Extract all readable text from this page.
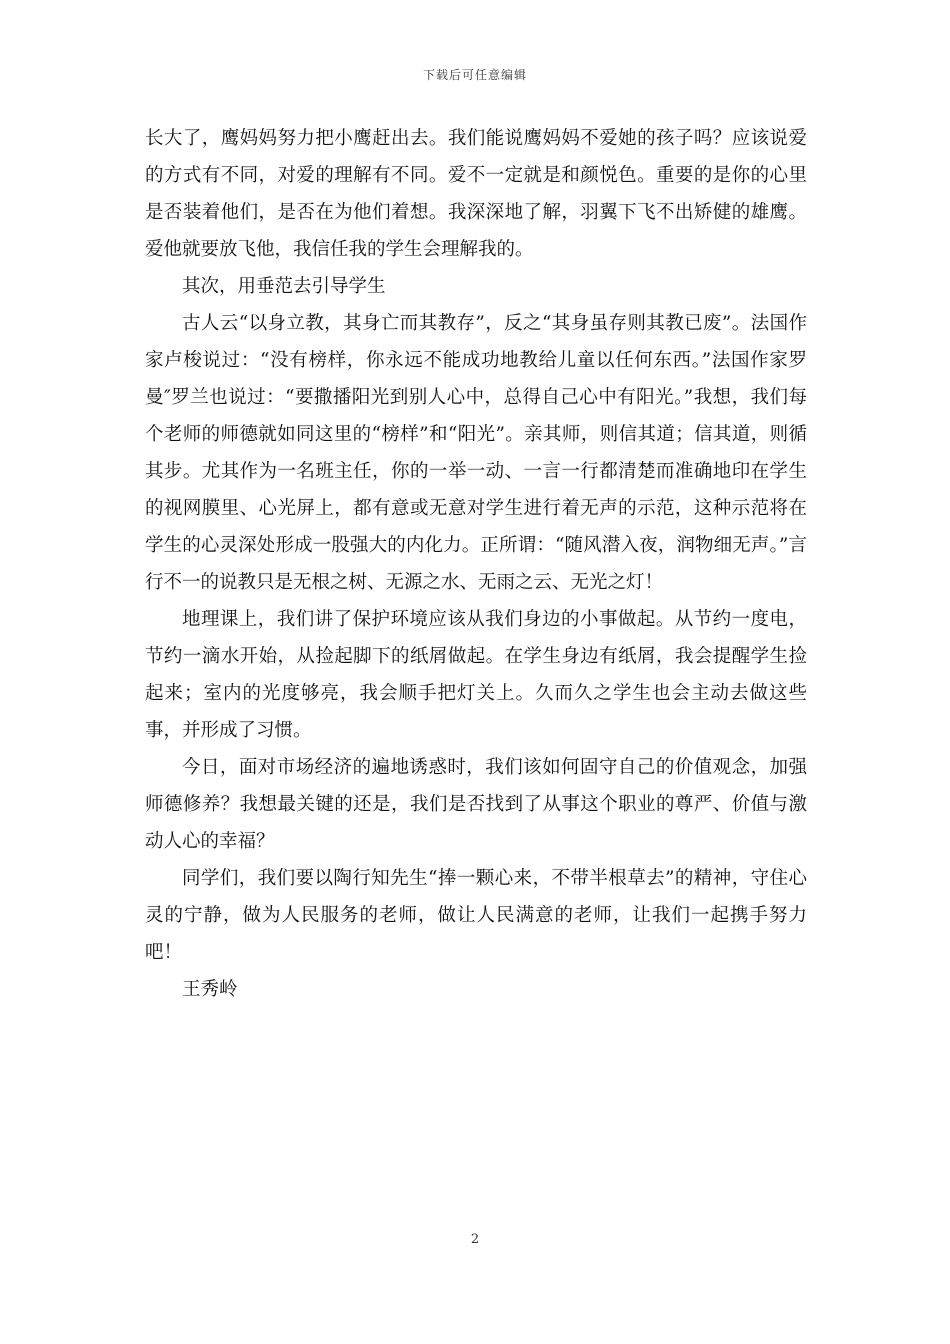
下载后可任意编辑

长大了，鹰妈妈努力把小鹰赶出去。我们能说鹰妈妈不爱她的孩子吗？应该说爱的方式有不同，对爱的理解有不同。爱不一定就是和颜悦色。重要的是你的心里是否装着他们，是否在为他们着想。我深深地了解，羽翼下飞不出矫健的雄鹰。爱他就要放飞他，我信任我的学生会理解我的。

其次，用垂范去引导学生

古人云“以身立教，其身亡而其教存”，反之“其身虽存则其教已废”。法国作家卢梭说过：“没有榜样，你永远不能成功地教给儿童以任何东西。”法国作家罗曼″罗兰也说过：“要撒播阳光到别人心中，总得自己心中有阳光。”我想，我们每个老师的师德就如同这里的“榜样”和“阳光”。亲其师，则信其道；信其道，则循其步。尤其作为一名班主任，你的一举一动、一言一行都清楚而准确地印在学生的视网膜里、心光屏上，都有意或无意对学生进行着无声的示范，这种示范将在学生的心灵深处形成一股强大的内化力。正所谓：“随风潜入夜，润物细无声。”言行不一的说教只是无根之树、无源之水、无雨之云、无光之灯！

地理课上，我们讲了保护环境应该从我们身边的小事做起。从节约一度电，节约一滴水开始，从捡起脚下的纸屑做起。在学生身边有纸屑，我会提醒学生捡起来；室内的光度够亮，我会顺手把灯关上。久而久之学生也会主动去做这些事，并形成了习惯。

今日，面对市场经济的遍地诱惑时，我们该如何固守自己的价值观念，加强师德修养？我想最关键的还是，我们是否找到了从事这个职业的尊严、价值与激动人心的幸福？

同学们，我们要以陶行知先生“捧一颗心来，不带半根草去”的精神，守住心灵的宁静，做为人民服务的老师，做让人民满意的老师，让我们一起携手努力吧！

王秀岭

2
